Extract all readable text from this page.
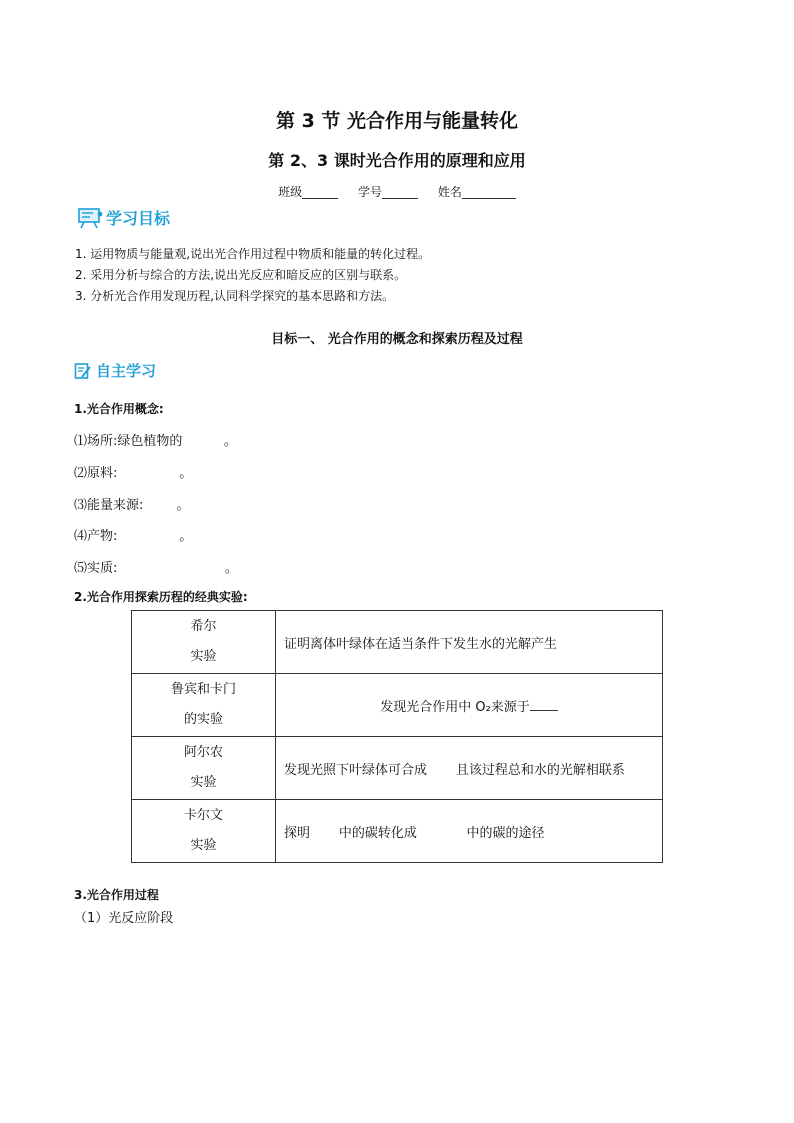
第 3 节 光合作用与能量转化
第 2、3 课时光合作用的原理和应用
班级______ 学号______ 姓名_________
学习目标
1. 运用物质与能量观,说出光合作用过程中物质和能量的转化过程。
2. 采用分析与综合的方法,说出光反应和暗反应的区别与联系。
3. 分析光合作用发现历程,认同科学探究的基本思路和方法。
目标一、 光合作用的概念和探索历程及过程
自主学习
1.光合作用概念:
⑴场所:绿色植物的          。
⑵原料:               。
⑶能量来源:        。
⑷产物:               。
⑸实质:                          。
2.光合作用探索历程的经典实验:
希尔
实验	证明离体叶绿体在适当条件下发生水的光解产生

鲁宾和卡门
的实验	发现光合作用中 O₂来源于

阿尔农
实验	发现光照下叶绿体可合成       且该过程总和水的光解相联系

卡尔文
实验	探明       中的碳转化成            中的碳的途径
3.光合作用过程
（1）光反应阶段
